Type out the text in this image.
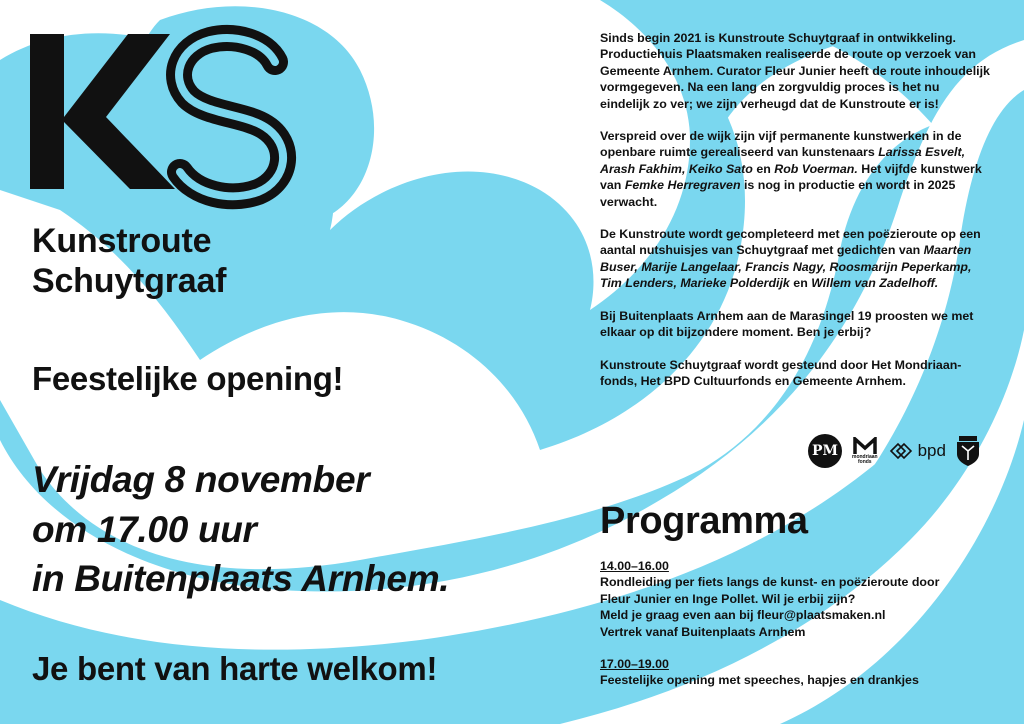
Kunstroute
Schuytgraaf
Feestelijke opening!
Vrijdag 8 november
om 17.00 uur
in Buitenplaats Arnhem.
Je bent van harte welkom!

Sinds begin 2021 is Kunstroute Schuytgraaf in ontwikkeling. Productiehuis Plaatsmaken realiseerde de route op verzoek van Gemeente Arnhem. Curator Fleur Junier heeft de route inhoudelijk vormgegeven. Na een lang en zorgvuldig proces is het nu eindelijk zo ver; we zijn verheugd dat de Kunstroute er is!

Verspreid over de wijk zijn vijf permanente kunstwerken in de openbare ruimte gerealiseerd van kunstenaars Larissa Esvelt, Arash Fakhim, Keiko Sato en Rob Voerman. Het vijfde kunstwerk van Femke Herregraven is nog in productie en wordt in 2025 verwacht.

De Kunstroute wordt gecompleteerd met een poëzieroute op een aantal nutshuisjes van Schuytgraaf met gedichten van Maarten Buser, Marije Langelaar, Francis Nagy, Roosmarijn Peperkamp, Tim Lenders, Marieke Polderdijk en Willem van Zadelhoff.

Bij Buitenplaats Arnhem aan de Marasingel 19 proosten we met elkaar op dit bijzondere moment. Ben je erbij?

Kunstroute Schuytgraaf wordt gesteund door Het Mondriaan-fonds, Het BPD Cultuurfonds en Gemeente Arnhem.

PM	mondriaan
fonds
bpd
Programma
14.00–16.00
Rondleiding per fiets langs de kunst- en poëzieroute door
Fleur Junier en Inge Pollet. Wil je erbij zijn?
Meld je graag even aan bij fleur@plaatsmaken.nl
Vertrek vanaf Buitenplaats Arnhem
17.00–19.00
Feestelijke opening met speeches, hapjes en drankjes
